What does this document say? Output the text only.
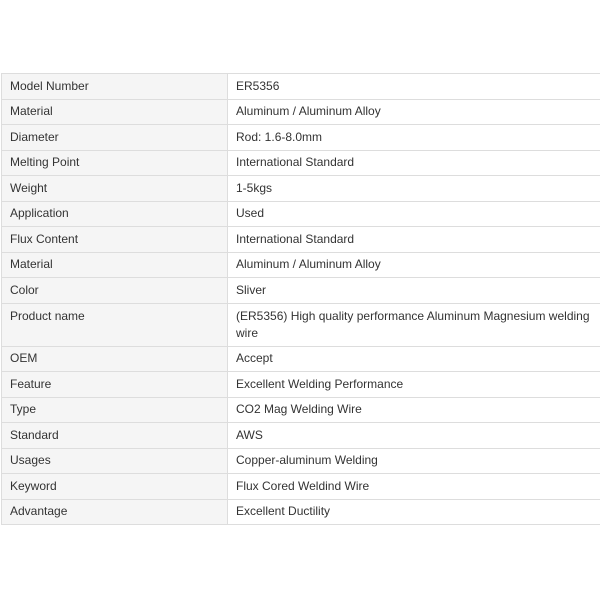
Model Number	ER5356
Material	Aluminum / Aluminum Alloy
Diameter	Rod: 1.6-8.0mm
Melting Point	International Standard
Weight	1-5kgs
Application	Used
Flux Content	International Standard
Material	Aluminum / Aluminum Alloy
Color	Sliver
Product name	(ER5356) High quality performance Aluminum Magnesium welding wire
OEM	Accept
Feature	Excellent Welding Performance
Type	CO2 Mag Welding Wire
Standard	AWS
Usages	Copper-aluminum Welding
Keyword	Flux Cored Weldind Wire
Advantage	Excellent Ductility
